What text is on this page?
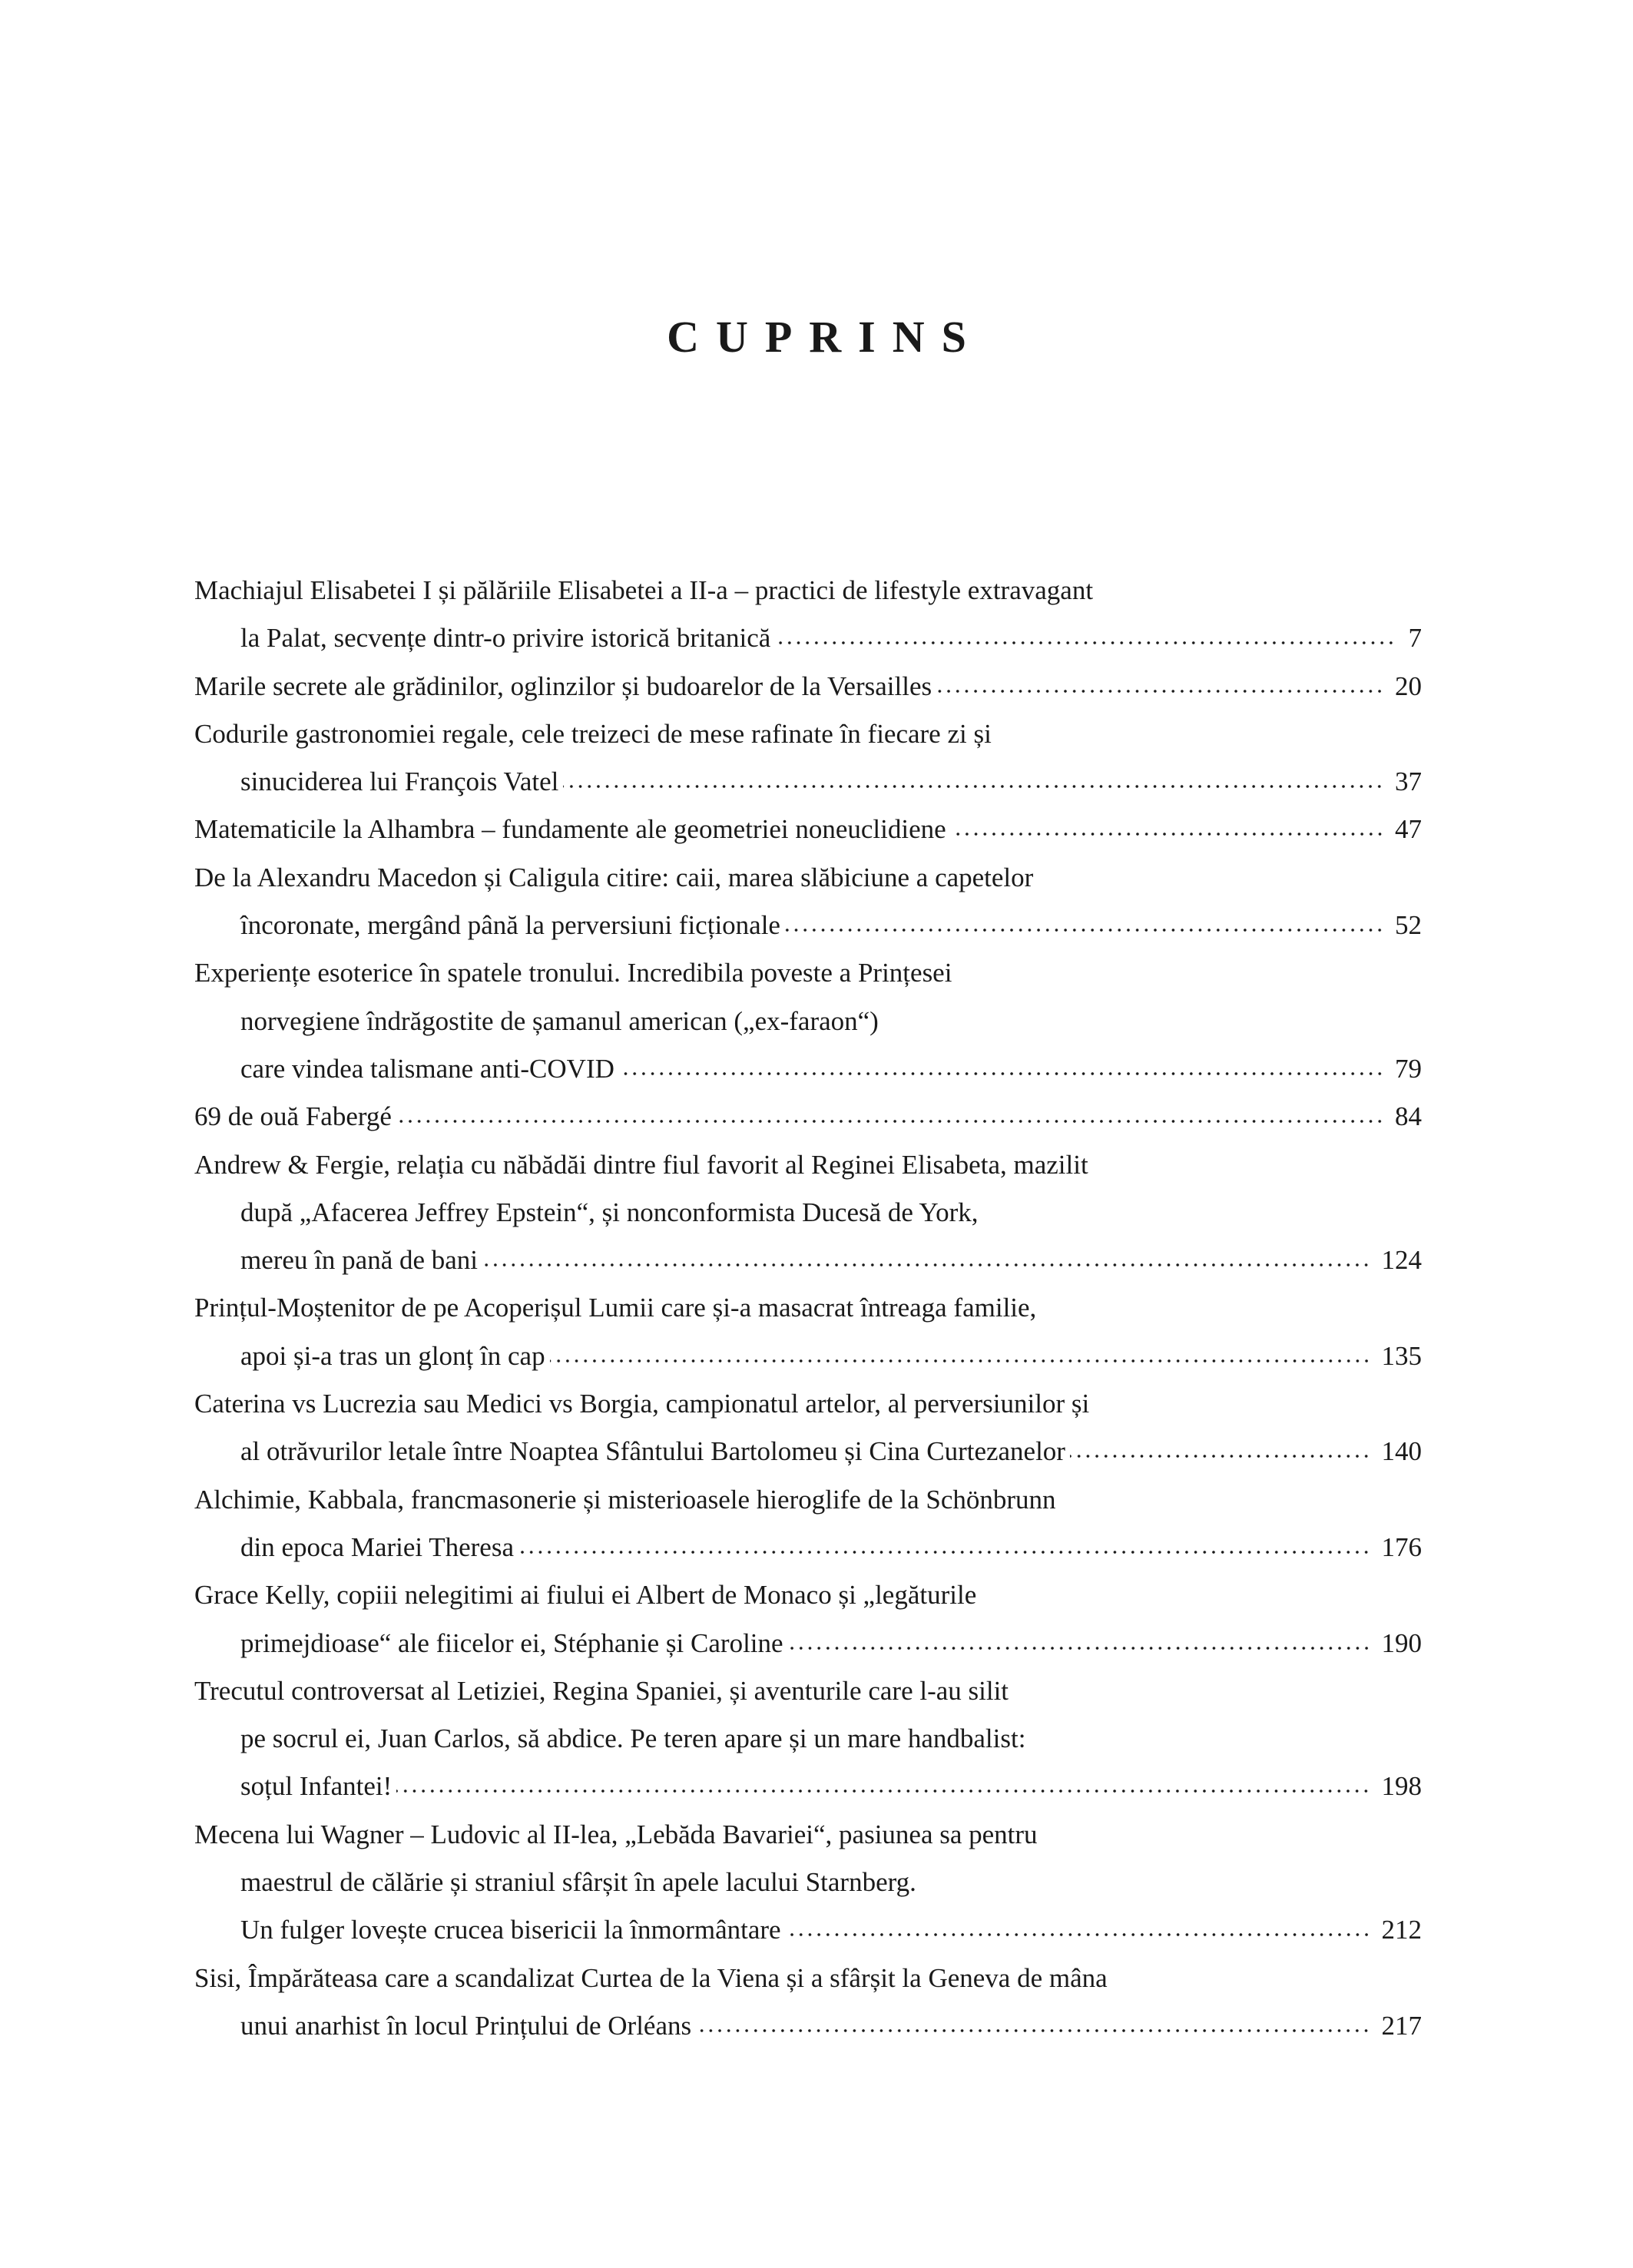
CUPRINS
Machiajul Elisabetei I și pălăriile Elisabetei a II-a – practici de lifestyle extravagant
la Palat, secvențe dintr-o privire istorică britanică	7
Marile secrete ale grădinilor, oglinzilor și budoarelor de la Versailles	20
Codurile gastronomiei regale, cele treizeci de mese rafinate în fiecare zi și
sinuciderea lui François Vatel	37
Matematicile la Alhambra – fundamente ale geometriei noneuclidiene	47
De la Alexandru Macedon și Caligula citire: caii, marea slăbiciune a capetelor
încoronate, mergând până la perversiuni ficționale	52
Experiențe esoterice în spatele tronului. Incredibila poveste a Prințesei
norvegiene îndrăgostite de șamanul american („ex-faraon“)
care vindea talismane anti-COVID	79
69 de ouă Fabergé	84
Andrew & Fergie, relația cu năbădăi dintre fiul favorit al Reginei Elisabeta, mazilit
după „Afacerea Jeffrey Epstein“, și nonconformista Ducesă de York,
mereu în pană de bani	124
Prințul-Moștenitor de pe Acoperișul Lumii care și-a masacrat întreaga familie,
apoi și-a tras un glonț în cap	135
Caterina vs Lucrezia sau Medici vs Borgia, campionatul artelor, al perversiunilor și
al otrăvurilor letale între Noaptea Sfântului Bartolomeu și Cina Curtezanelor	140
Alchimie, Kabbala, francmasonerie și misterioasele hieroglife de la Schönbrunn
din epoca Mariei Theresa	176
Grace Kelly, copiii nelegitimi ai fiului ei Albert de Monaco și „legăturile
primejdioase“ ale fiicelor ei, Stéphanie și Caroline	190
Trecutul controversat al Letiziei, Regina Spaniei, și aventurile care l-au silit
pe socrul ei, Juan Carlos, să abdice. Pe teren apare și un mare handbalist:
soțul Infantei!	198
Mecena lui Wagner – Ludovic al II-lea, „Lebăda Bavariei“, pasiunea sa pentru
maestrul de călărie și straniul sfârșit în apele lacului Starnberg.
Un fulger lovește crucea bisericii la înmormântare	212
Sisi, Împărăteasa care a scandalizat Curtea de la Viena și a sfârșit la Geneva de mâna
unui anarhist în locul Prințului de Orléans	217
